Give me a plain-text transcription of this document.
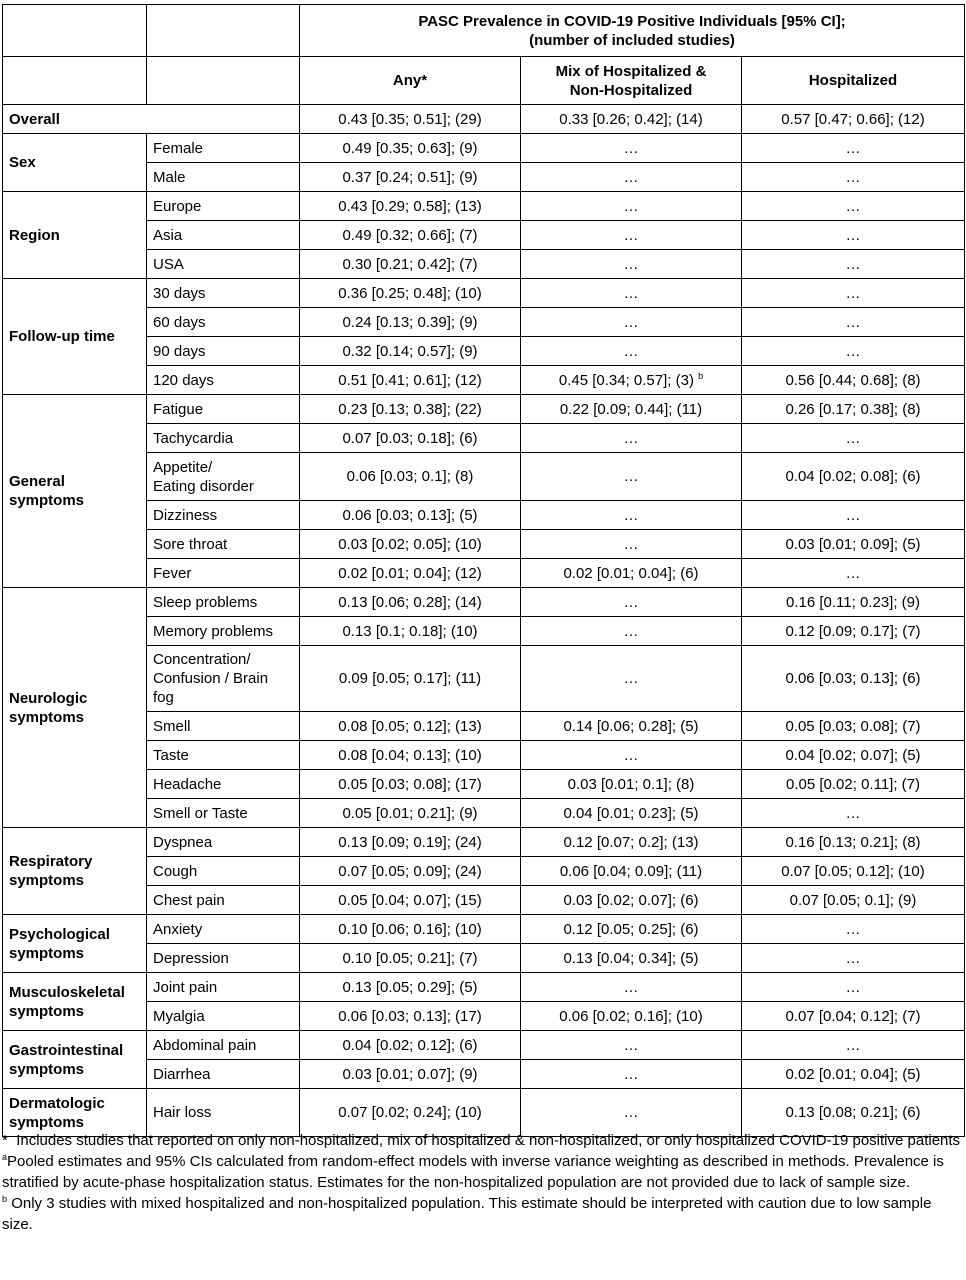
		PASC Prevalence in COVID-19 Positive Individuals [95% CI];
(number of included studies)		

		Any*	Mix of Hospitalized &
Non-Hospitalized	Hospitalized
Overall		0.43 [0.35; 0.51]; (29)	0.33 [0.26; 0.42]; (14)	0.57 [0.47; 0.66]; (12)
Sex	Female	0.49 [0.35; 0.63]; (9)	…	…
	Male	0.37 [0.24; 0.51]; (9)	…	…
Region	Europe	0.43 [0.29; 0.58]; (13)	…	…
	Asia	0.49 [0.32; 0.66]; (7)	…	…
	USA	0.30 [0.21; 0.42]; (7)	…	…
Follow-up time	30 days	0.36 [0.25; 0.48]; (10)	…	…
	60 days	0.24 [0.13; 0.39]; (9)	…	…
	90 days	0.32 [0.14; 0.57]; (9)	…	…
	120 days	0.51 [0.41; 0.61]; (12)	0.45 [0.34; 0.57]; (3) $^b$	0.56 [0.44; 0.68]; (8)

General
symptoms	Fatigue	0.23 [0.13; 0.38]; (22)	0.22 [0.09; 0.44]; (11)	0.26 [0.17; 0.38]; (8)
	Tachycardia	0.07 [0.03; 0.18]; (6)	…	…

	Appetite/
Eating disorder	0.06 [0.03; 0.1]; (8)	…	0.04 [0.02; 0.08]; (6)
	Dizziness	0.06 [0.03; 0.13]; (5)	…	…
	Sore throat	0.03 [0.02; 0.05]; (10)	…	0.03 [0.01; 0.09]; (5)
	Fever	0.02 [0.01; 0.04]; (12)	0.02 [0.01; 0.04]; (6)	…

Neurologic
symptoms	Sleep problems	0.13 [0.06; 0.28]; (14)	…	0.16 [0.11; 0.23]; (9)
	Memory problems	0.13 [0.1; 0.18]; (10)	…	0.12 [0.09; 0.17]; (7)

	Concentration/
Confusion / Brain
fog	0.09 [0.05; 0.17]; (11)	…	0.06 [0.03; 0.13]; (6)
	Smell	0.08 [0.05; 0.12]; (13)	0.14 [0.06; 0.28]; (5)	0.05 [0.03; 0.08]; (7)
	Taste	0.08 [0.04; 0.13]; (10)	…	0.04 [0.02; 0.07]; (5)
	Headache	0.05 [0.03; 0.08]; (17)	0.03 [0.01; 0.1]; (8)	0.05 [0.02; 0.11]; (7)
	Smell or Taste	0.05 [0.01; 0.21]; (9)	0.04 [0.01; 0.23]; (5)	…

Respiratory
symptoms	Dyspnea	0.13 [0.09; 0.19]; (24)	0.12 [0.07; 0.2]; (13)	0.16 [0.13; 0.21]; (8)
	Cough	0.07 [0.05; 0.09]; (24)	0.06 [0.04; 0.09]; (11)	0.07 [0.05; 0.12]; (10)
	Chest pain	0.05 [0.04; 0.07]; (15)	0.03 [0.02; 0.07]; (6)	0.07 [0.05; 0.1]; (9)

Psychological
symptoms	Anxiety	0.10 [0.06; 0.16]; (10)	0.12 [0.05; 0.25]; (6)	…
	Depression	0.10 [0.05; 0.21]; (7)	0.13 [0.04; 0.34]; (5)	…

Musculoskeletal
symptoms	Joint pain	0.13 [0.05; 0.29]; (5)	…	…
	Myalgia	0.06 [0.03; 0.13]; (17)	0.06 [0.02; 0.16]; (10)	0.07 [0.04; 0.12]; (7)

Gastrointestinal
symptoms	Abdominal pain	0.04 [0.02; 0.12]; (6)	…	…
	Diarrhea	0.03 [0.01; 0.07]; (9)	…	0.02 [0.01; 0.04]; (5)

Dermatologic
symptoms	Hair loss	0.07 [0.02; 0.24]; (10)	…	0.13 [0.08; 0.21]; (6)

* Includes studies that reported on only non-hospitalized, mix of hospitalized & non-hospitalized, or only hospitalized COVID-19 positive patients

$^a$Pooled estimates and 95% CIs calculated from random-effect models with inverse variance weighting as described in methods. Prevalence is stratified by acute-phase hospitalization status. Estimates for the non-hospitalized population are not provided due to lack of sample size.

$^b$ Only 3 studies with mixed hospitalized and non-hospitalized population. This estimate should be interpreted with caution due to low sample size.
